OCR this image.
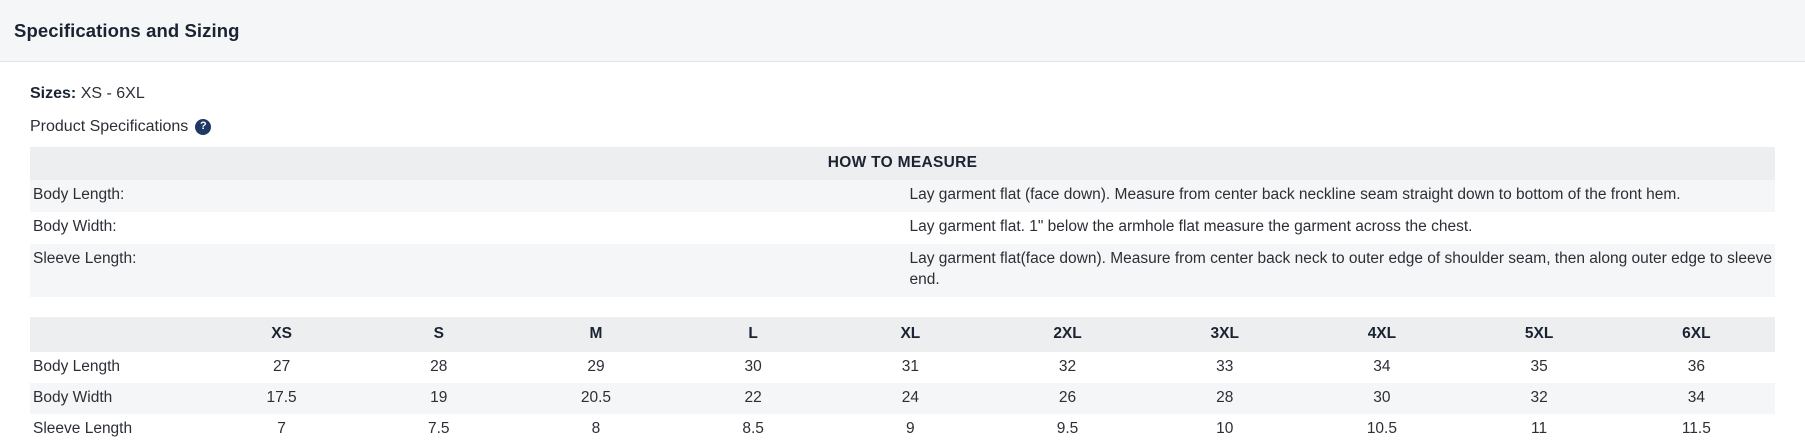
Specifications and Sizing
Sizes: XS - 6XL
Product Specifications	?
HOW TO MEASURE	
Body Length:	Lay garment flat (face down). Measure from center back neckline seam straight down to bottom of the front hem.
Body Width:	Lay garment flat. 1" below the armhole flat measure the garment across the chest.
Sleeve Length:	Lay garment flat(face down). Measure from center back neck to outer edge of shoulder seam, then along outer edge to sleeve end.
	XS	S	M	L	XL	2XL	3XL	4XL	5XL	6XL
Body Length	27	28	29	30	31	32	33	34	35	36
Body Width	17.5	19	20.5	22	24	26	28	30	32	34
Sleeve Length	7	7.5	8	8.5	9	9.5	10	10.5	11	11.5
